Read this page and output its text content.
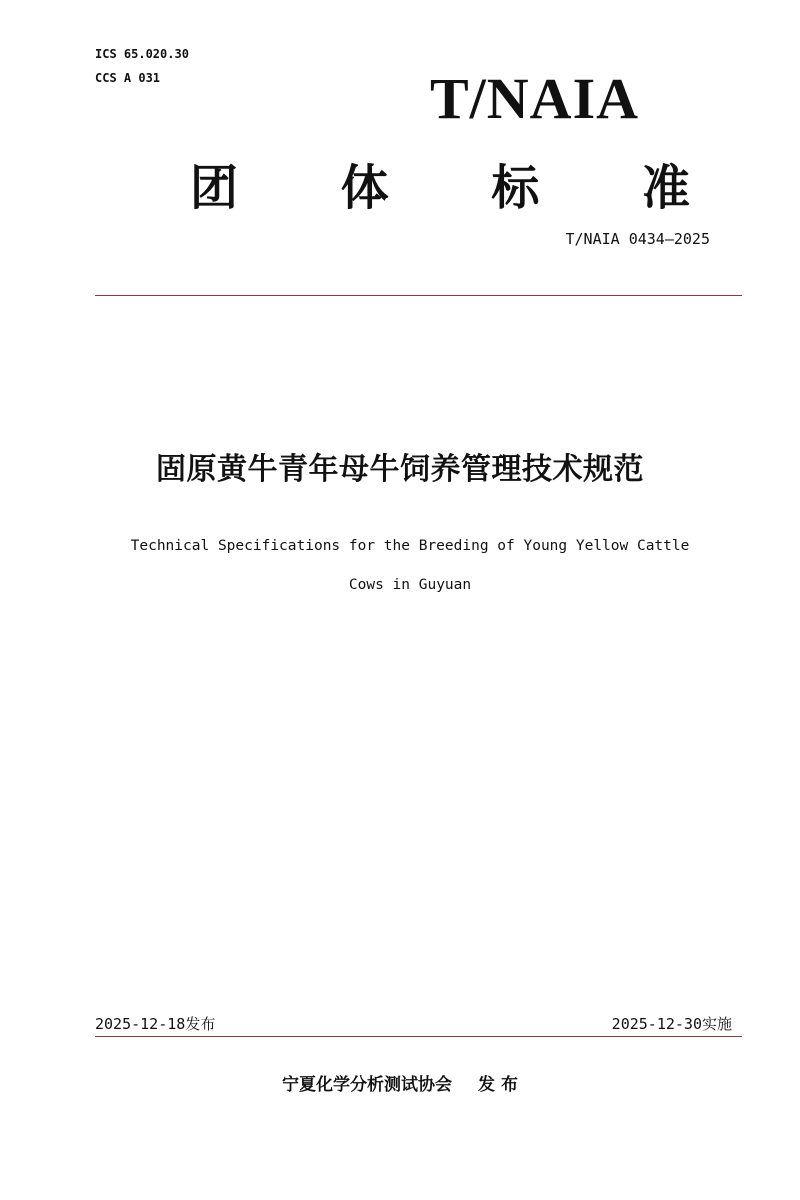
ICS 65.020.30
CCS A 031	T/NAIA
团 体 标 准
T/NAIA 0434—2025
固原黄牛青年母牛饲养管理技术规范
Technical Specifications for the Breeding of Young Yellow Cattle
Cows in Guyuan
2025-12-18发布	2025-12-30实施
宁夏化学分析测试协会 发 布
